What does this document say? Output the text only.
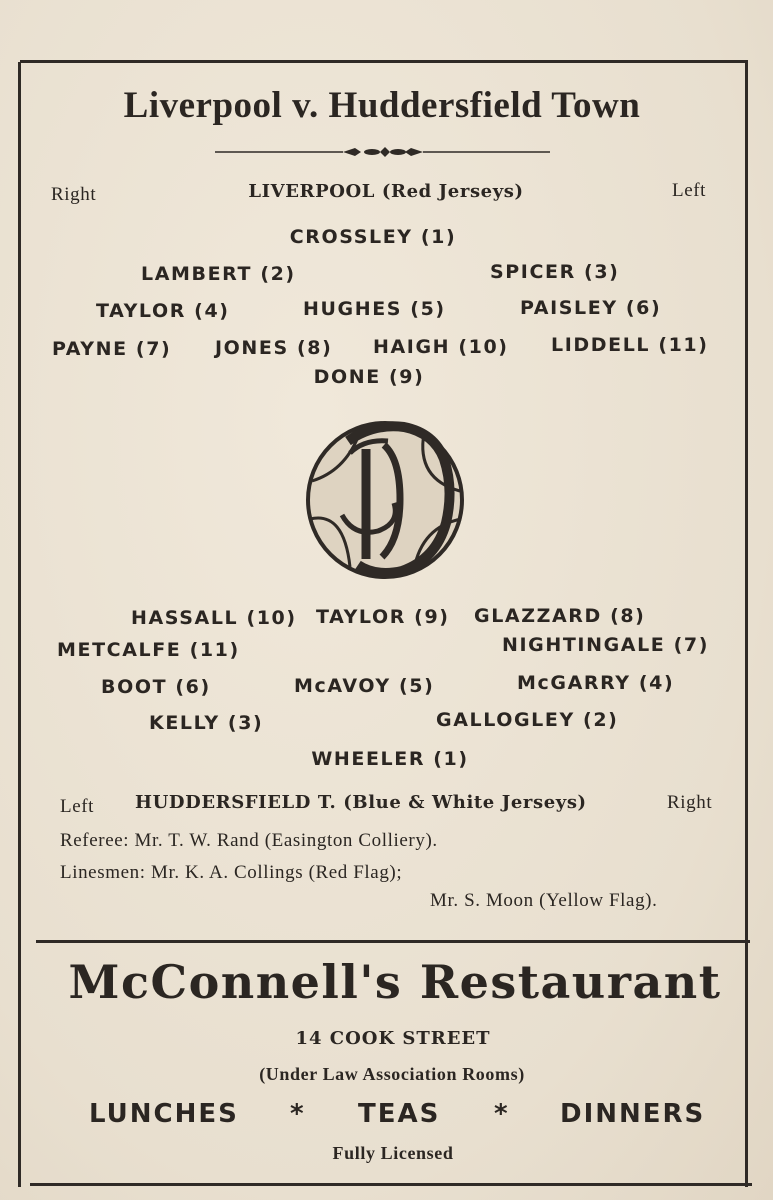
Liverpool v. Huddersfield Town
Right	LIVERPOOL (Red Jerseys)	Left
CROSSLEY (1)
LAMBERT (2)	SPICER (3)
TAYLOR (4)	HUGHES (5)	PAISLEY (6)
PAYNE (7) JONES (8) HAIGH (10) LIDDELL (11)
DONE (9)
HASSALL (10) TAYLOR (9) GLAZZARD (8)
METCALFE (11)	NIGHTINGALE (7)
BOOT (6)	McAVOY (5)	McGARRY (4)
KELLY (3)	GALLOGLEY (2)
WHEELER (1)
Left HUDDERSFIELD T. (Blue & White Jerseys)	Right
Referee: Mr. T. W. Rand (Easington Colliery).
Linesmen: Mr. K. A. Collings (Red Flag);
Mr. S. Moon (Yellow Flag).
McConnell's Restaurant
14 COOK STREET
(Under Law Association Rooms)
LUNCHES * TEAS * DINNERS
Fully Licensed
